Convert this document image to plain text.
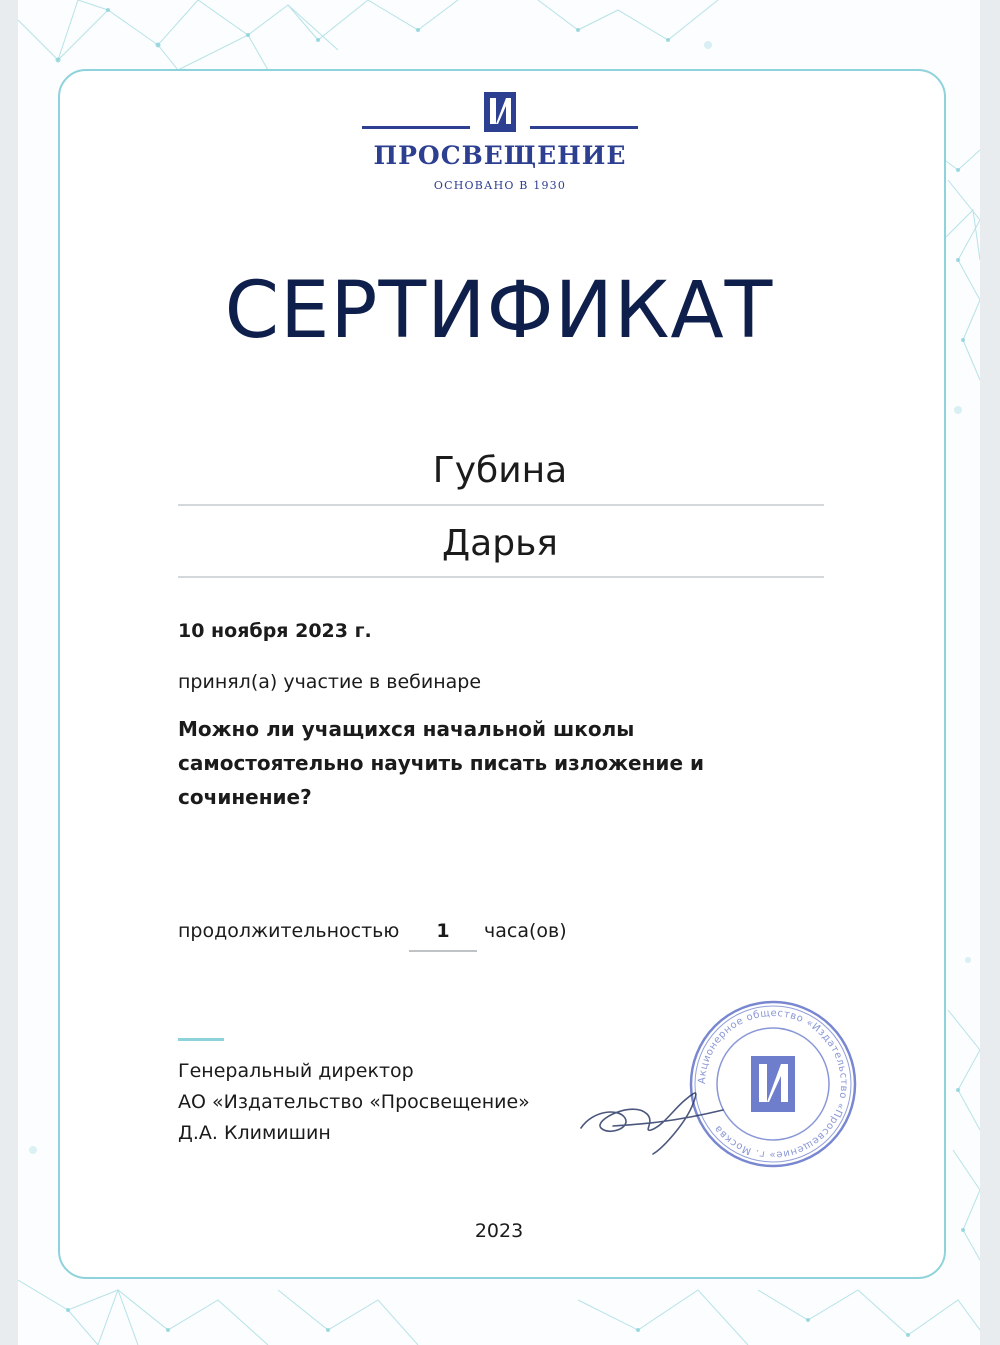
ПРОСВЕЩЕНИЕ
ОСНОВАНО В 1930
СЕРТИФИКАТ
Губина
Дарья
10 ноября 2023 г.
принял(а) участие в вебинаре
Можно ли учащихся начальной школы самостоятельно научить писать изложение и сочинение?
продолжительностью	1	часа(ов)
Генеральный директор
АО «Издательство «Просвещение»
Д.А. Климишин
Акционерное общество «Издательство «Просвещение» г. Москва
2023
